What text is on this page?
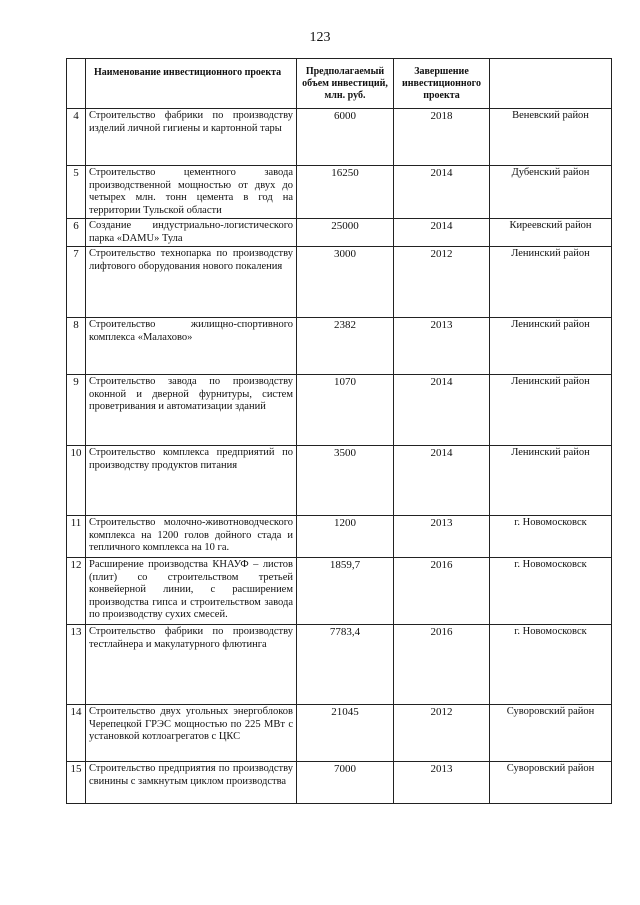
123
	Наименование инвестиционного проекта	Предполагаемый объем инвестиций, млн. руб.	Завершение инвестиционного проекта	
4	Строительство фабрики по производству изделий личной гигиены и картонной тары	6000	2018	Веневский район
5	Строительство цементного завода производственной мощностью от двух до четырех млн. тонн цемента в год на территории Тульской области	16250	2014	Дубенский район
6	Создание индустриально-логистического парка «DAMU» Тула	25000	2014	Киреевский район
7	Строительство технопарка по производству лифтового оборудования нового покаления	3000	2012	Ленинский район
8	Строительство жилищно-спортивного комплекса «Малахово»	2382	2013	Ленинский район
9	Строительство завода по производству оконной и дверной фурнитуры, систем проветривания и автоматизации зданий	1070	2014	Ленинский район
10	Строительство комплекса предприятий по производству продуктов питания	3500	2014	Ленинский район
11	Строительство молочно-животноводческого комплекса на 1200 голов дойного стада и тепличного комплекса на 10 га.	1200	2013	г. Новомосковск
12	Расширение производства КНАУФ – листов (плит) со строительством третьей конвейерной линии, с расширением производства гипса и строительством завода по производству сухих смесей.	1859,7	2016	г. Новомосковск
13	Строительство фабрики по производству тестлайнера и макулатурного флютинга	7783,4	2016	г. Новомосковск
14	Строительство двух угольных энергоблоков Черепецкой ГРЭС мощностью по 225 МВт с установкой котлоагрегатов с ЦКС	21045	2012	Суворовский район
15	Строительство предприятия по производству свинины с замкнутым циклом производства	7000	2013	Суворовский район
